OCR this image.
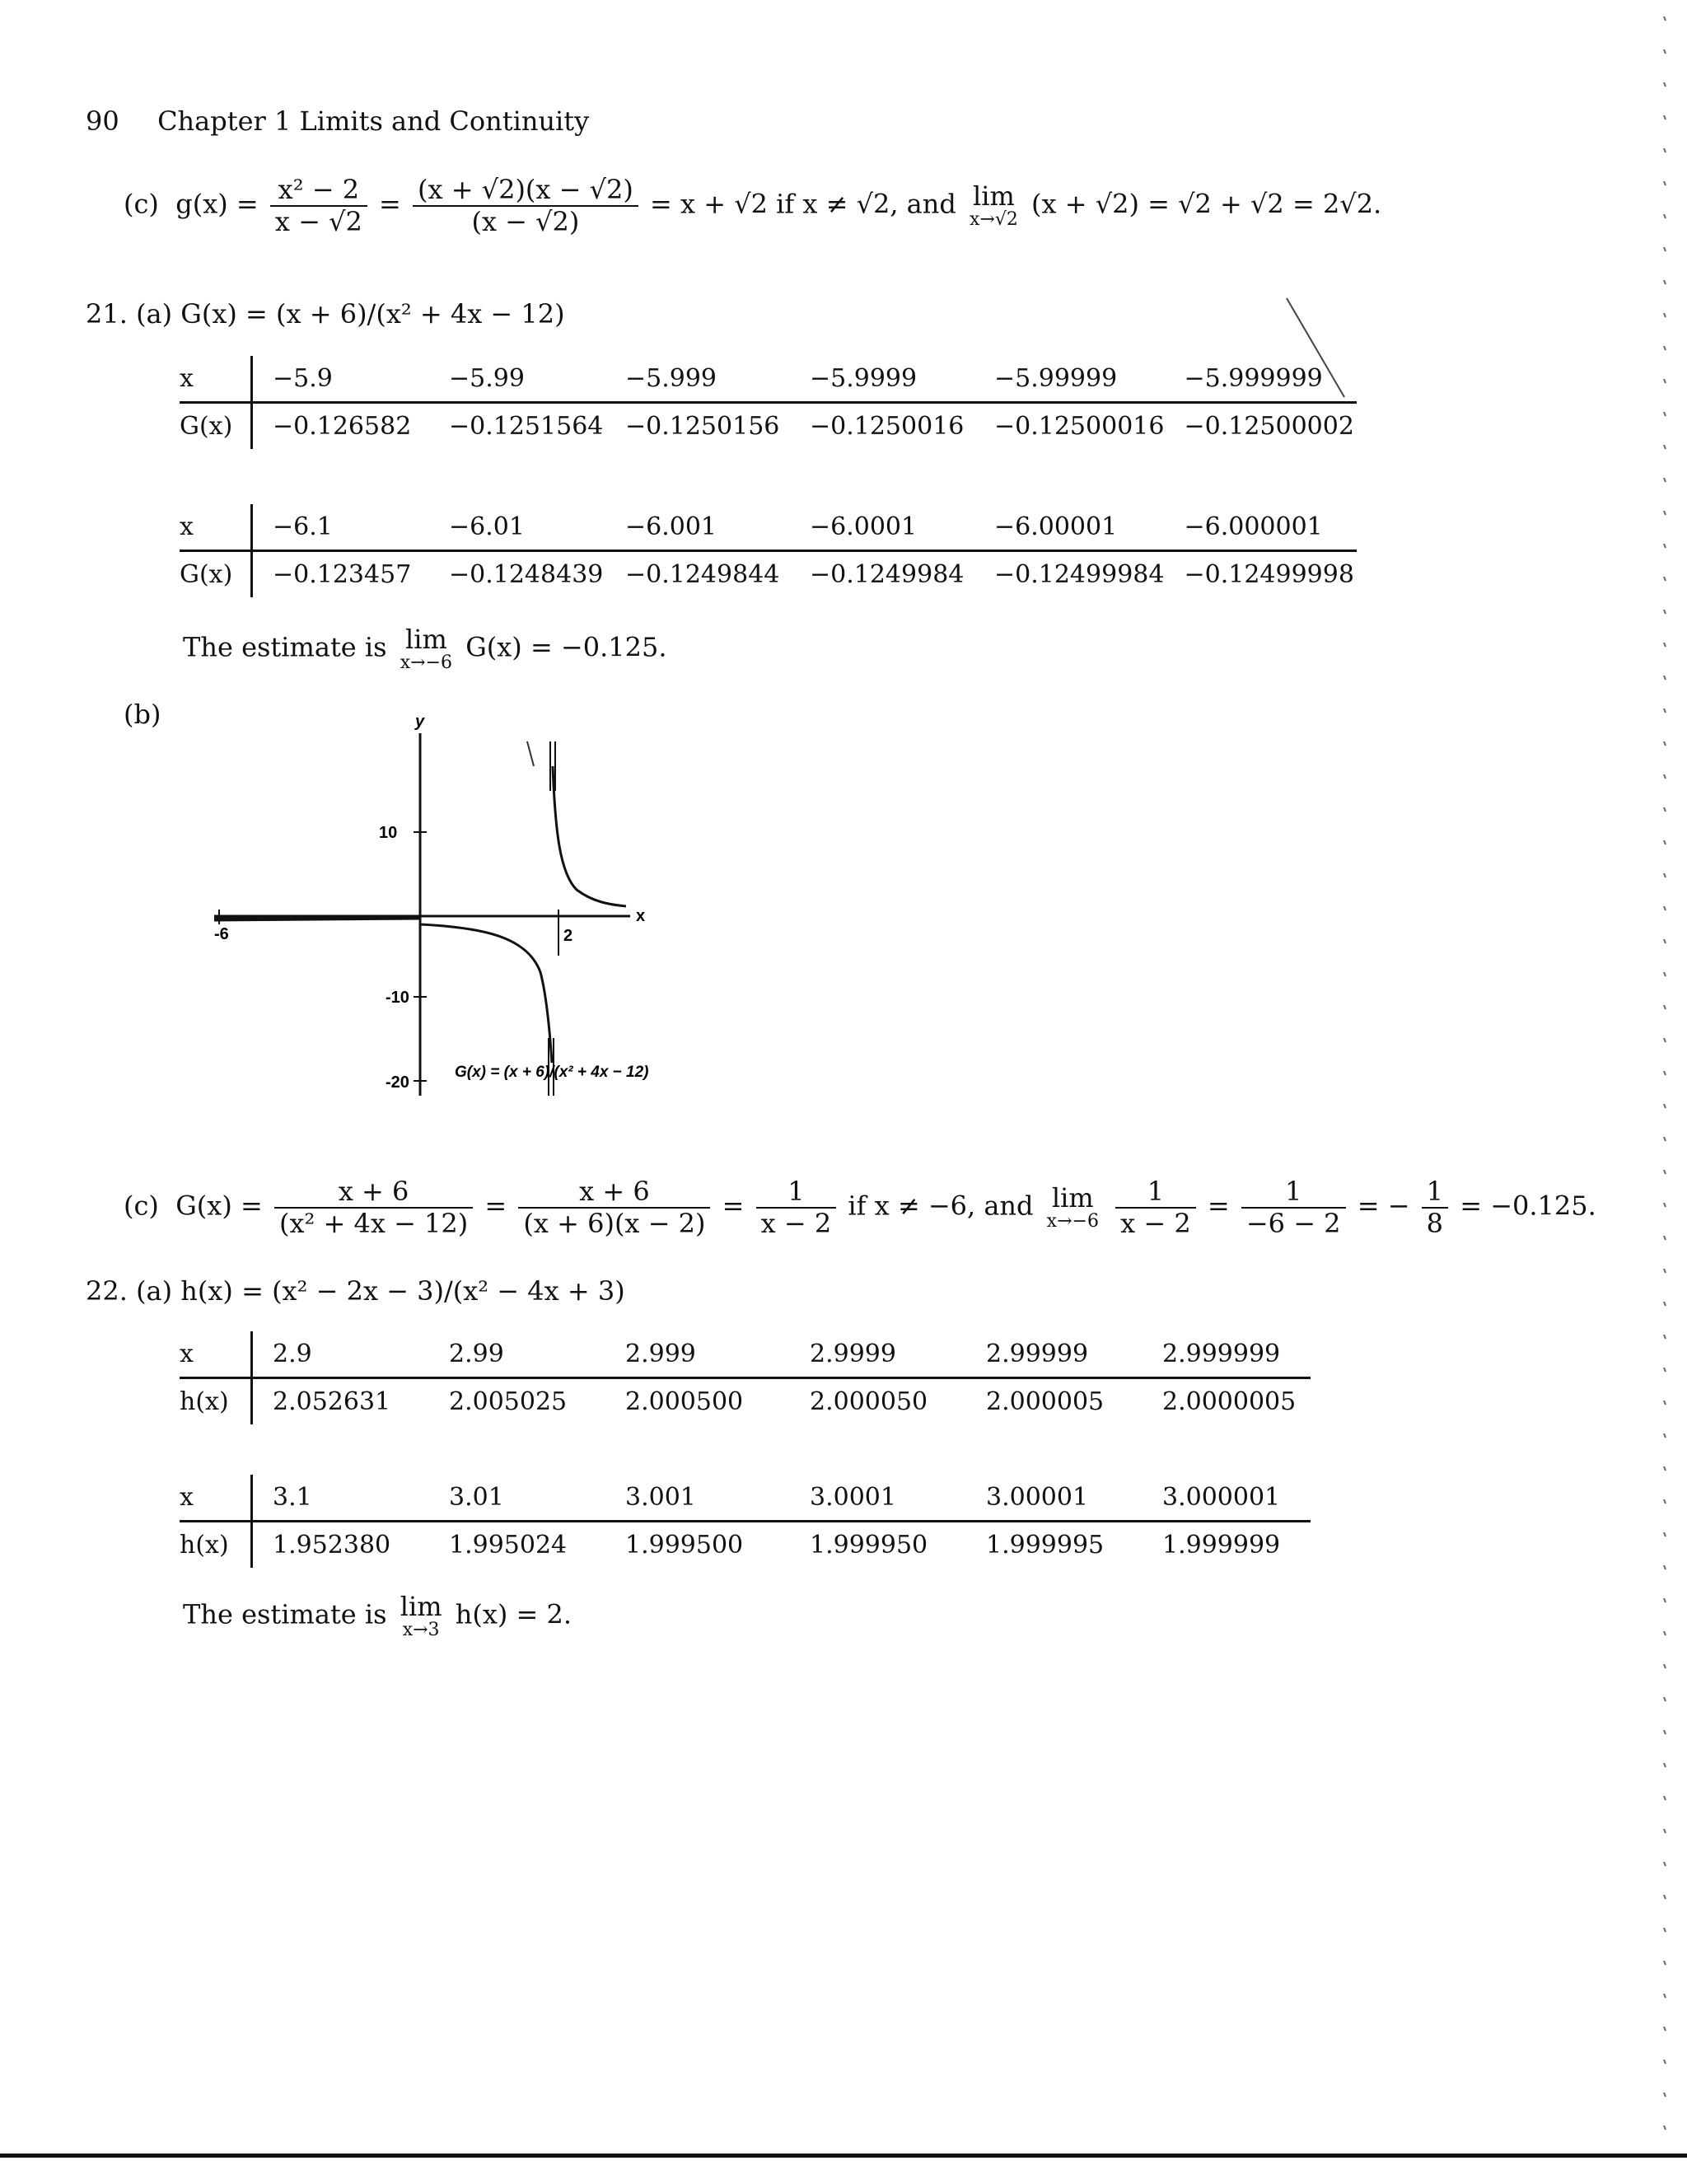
90 Chapter 1 Limits and Continuity
(c) $g(x) = \frac{\text{x² − 2}}{x - √2} = \frac{(x + √2)(x - √2)}{(x - √2)} = x + √2$ if x ≠ √2, and lim
x→√2 (x + √2) = √2 + √2 = 2√2.
21. (a) G(x) = (x + 6)/(x² + 4x − 12)
x	−5.9	−5.99	−5.999	−5.9999	−5.99999	−5.999999
G(x)	−0.126582	−0.1251564	−0.1250156	−0.1250016	−0.12500016	−0.12500002
x	−6.1	−6.01	−6.001	−6.0001	−6.00001	−6.000001
G(x)	−0.123457	−0.1248439	−0.1249844	−0.1249984	−0.12499984	−0.12499998
The estimate is lim
x→−6 G(x) = −0.125.
(b)	y
x
10
-10
-20
-6	2
G(x) = (x + 6)/(x² + 4x − 12)
(c) $G(x) = \frac{x + 6}{\text{(x² + 4x − 12)}} = \frac{x + 6}{(x + 6)(x - 2)} = \frac{1}{x - 2}$ if x ≠ −6, and lim
x→−6
$\frac{1}{x - 2} = \frac{1}{-6 - 2}$ = − $\frac{1}{8} = -0.125$.
22. (a) h(x) = (x² − 2x − 3)/(x² − 4x + 3)
x	2.9	2.99	2.999	2.9999	2.99999	2.999999
h(x)	2.052631	2.005025	2.000500	2.000050	2.000005	2.0000005
x	3.1	3.01	3.001	3.0001	3.00001	3.000001
h(x)	1.952380	1.995024	1.999500	1.999950	1.999995	1.999999
The estimate is lim
x→3 h(x) = 2.
